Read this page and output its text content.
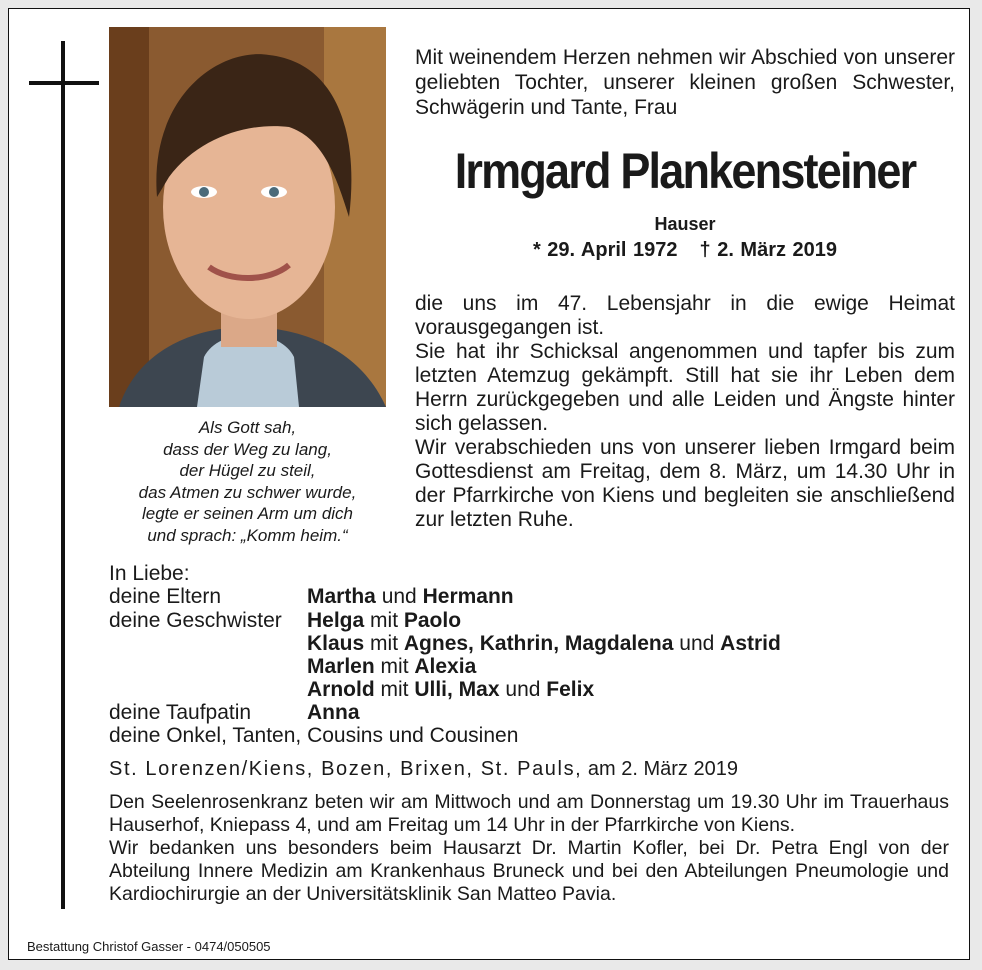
Als Gott sah,
dass der Weg zu lang,
der Hügel zu steil,
das Atmen zu schwer wurde,
legte er seinen Arm um dich
und sprach: „Komm heim.“
Mit weinendem Herzen nehmen wir Abschied von unserer geliebten Tochter, unserer kleinen großen Schwester, Schwägerin und Tante, Frau
Irmgard Plankensteiner
Hauser
* 29. April 1972 † 2. März 2019

die uns im 47. Lebensjahr in die ewige Heimat vorausgegangen ist.

Sie hat ihr Schicksal angenommen und tapfer bis zum letzten Atemzug gekämpft. Still hat sie ihr Leben dem Herrn zurückgegeben und alle Leiden und Ängste hinter sich gelassen.

Wir verabschieden uns von unserer lieben Irmgard beim Gottesdienst am Freitag, dem 8. März, um 14.30 Uhr in der Pfarrkirche von Kiens und begleiten sie anschließend zur letzten Ruhe.

In Liebe:
deine Eltern	Martha und Hermann
deine Geschwister Helga mit Paolo
Klaus mit Agnes, Kathrin, Magdalena und Astrid
Marlen mit Alexia
Arnold mit Ulli, Max und Felix
deine Taufpatin	Anna
deine Onkel, Tanten, Cousins und Cousinen
St. Lorenzen/Kiens, Bozen, Brixen, St. Pauls, am 2. März 2019

Den Seelenrosenkranz beten wir am Mittwoch und am Donnerstag um 19.30 Uhr im Trauerhaus Hauserhof, Kniepass 4, und am Freitag um 14 Uhr in der Pfarrkirche von Kiens.

Wir bedanken uns besonders beim Hausarzt Dr. Martin Kofler, bei Dr. Petra Engl von der Abteilung Innere Medizin am Krankenhaus Bruneck und bei den Abteilungen Pneumologie und Kardiochirurgie an der Universitätsklinik San Matteo Pavia.

Bestattung Christof Gasser - 0474/050505
